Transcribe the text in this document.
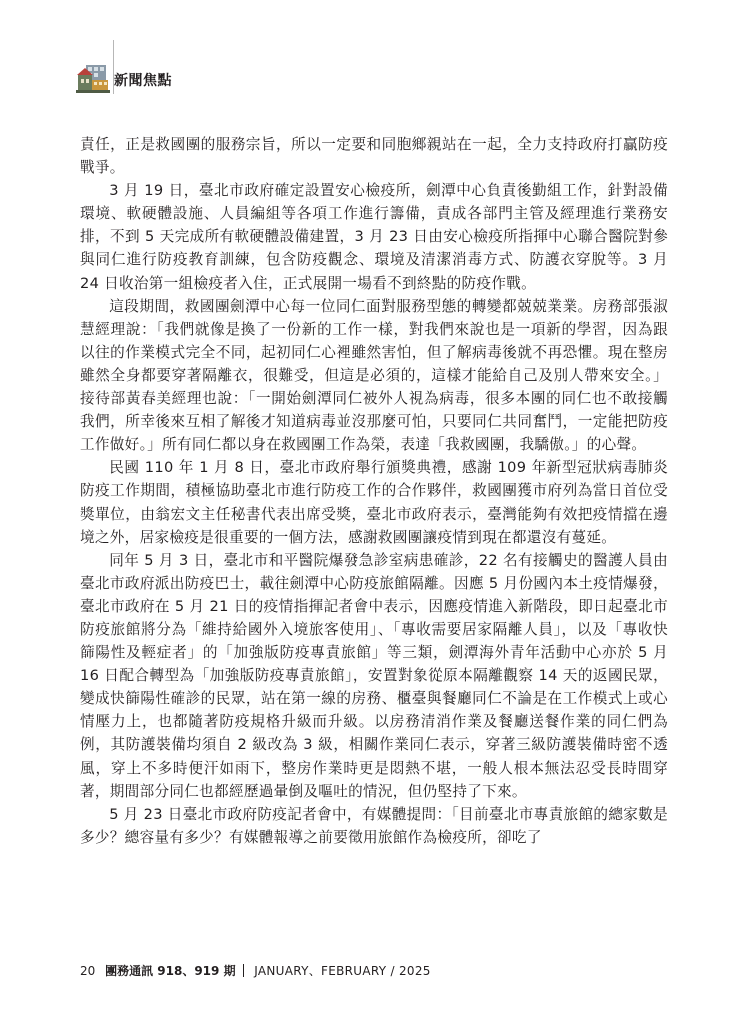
新聞焦點

責任，正是救國團的服務宗旨，所以一定要和同胞鄉親站在一起，全力支持政府打贏防疫戰爭。

3 月 19 日，臺北市政府確定設置安心檢疫所，劍潭中心負責後勤組工作，針對設備環境、軟硬體設施、人員編組等各項工作進行籌備，責成各部門主管及經理進行業務安排，不到 5 天完成所有軟硬體設備建置，3 月 23 日由安心檢疫所指揮中心聯合醫院對參與同仁進行防疫教育訓練，包含防疫觀念、環境及清潔消毒方式、防護衣穿脫等。3 月 24 日收治第一組檢疫者入住，正式展開一場看不到終點的防疫作戰。

這段期間，救國團劍潭中心每一位同仁面對服務型態的轉變都兢兢業業。房務部張淑慧經理說：「我們就像是換了一份新的工作一樣，對我們來說也是一項新的學習，因為跟以往的作業模式完全不同，起初同仁心裡雖然害怕，但了解病毒後就不再恐懼。現在整房雖然全身都要穿著隔離衣，很難受，但這是必須的，這樣才能給自己及別人帶來安全。」接待部黃春美經理也說：「一開始劍潭同仁被外人視為病毒，很多本團的同仁也不敢接觸我們，所幸後來互相了解後才知道病毒並沒那麼可怕，只要同仁共同奮鬥，一定能把防疫工作做好。」所有同仁都以身在救國團工作為榮，表達「我救國團，我驕傲。」的心聲。

民國 110 年 1 月 8 日，臺北市政府舉行頒獎典禮，感謝 109 年新型冠狀病毒肺炎防疫工作期間，積極協助臺北市進行防疫工作的合作夥伴，救國團獲市府列為當日首位受獎單位，由翁宏文主任秘書代表出席受獎，臺北市政府表示，臺灣能夠有效把疫情擋在邊境之外，居家檢疫是很重要的一個方法，感謝救國團讓疫情到現在都還沒有蔓延。

同年 5 月 3 日，臺北市和平醫院爆發急診室病患確診，22 名有接觸史的醫護人員由臺北市政府派出防疫巴士，載往劍潭中心防疫旅館隔離。因應 5 月份國內本土疫情爆發，臺北市政府在 5 月 21 日的疫情指揮記者會中表示，因應疫情進入新階段，即日起臺北市防疫旅館將分為「維持給國外入境旅客使用」、「專收需要居家隔離人員」，以及「專收快篩陽性及輕症者」的「加強版防疫專責旅館」等三類，劍潭海外青年活動中心亦於 5 月 16 日配合轉型為「加強版防疫專責旅館」，安置對象從原本隔離觀察 14 天的返國民眾，變成快篩陽性確診的民眾，站在第一線的房務、櫃臺與餐廳同仁不論是在工作模式上或心情壓力上，也都隨著防疫規格升級而升級。以房務清消作業及餐廳送餐作業的同仁們為例，其防護裝備均須自 2 級改為 3 級，相關作業同仁表示，穿著三級防護裝備時密不透風，穿上不多時便汗如雨下，整房作業時更是悶熱不堪，一般人根本無法忍受長時間穿著，期間部分同仁也都經歷過暈倒及嘔吐的情況，但仍堅持了下來。

5 月 23 日臺北市政府防疫記者會中，有媒體提問：「目前臺北市專責旅館的總家數是多少？總容量有多少？有媒體報導之前要徵用旅館作為檢疫所，卻吃了

20 團務通訊 918、919 期 JANUARY、FEBRUARY / 2025
